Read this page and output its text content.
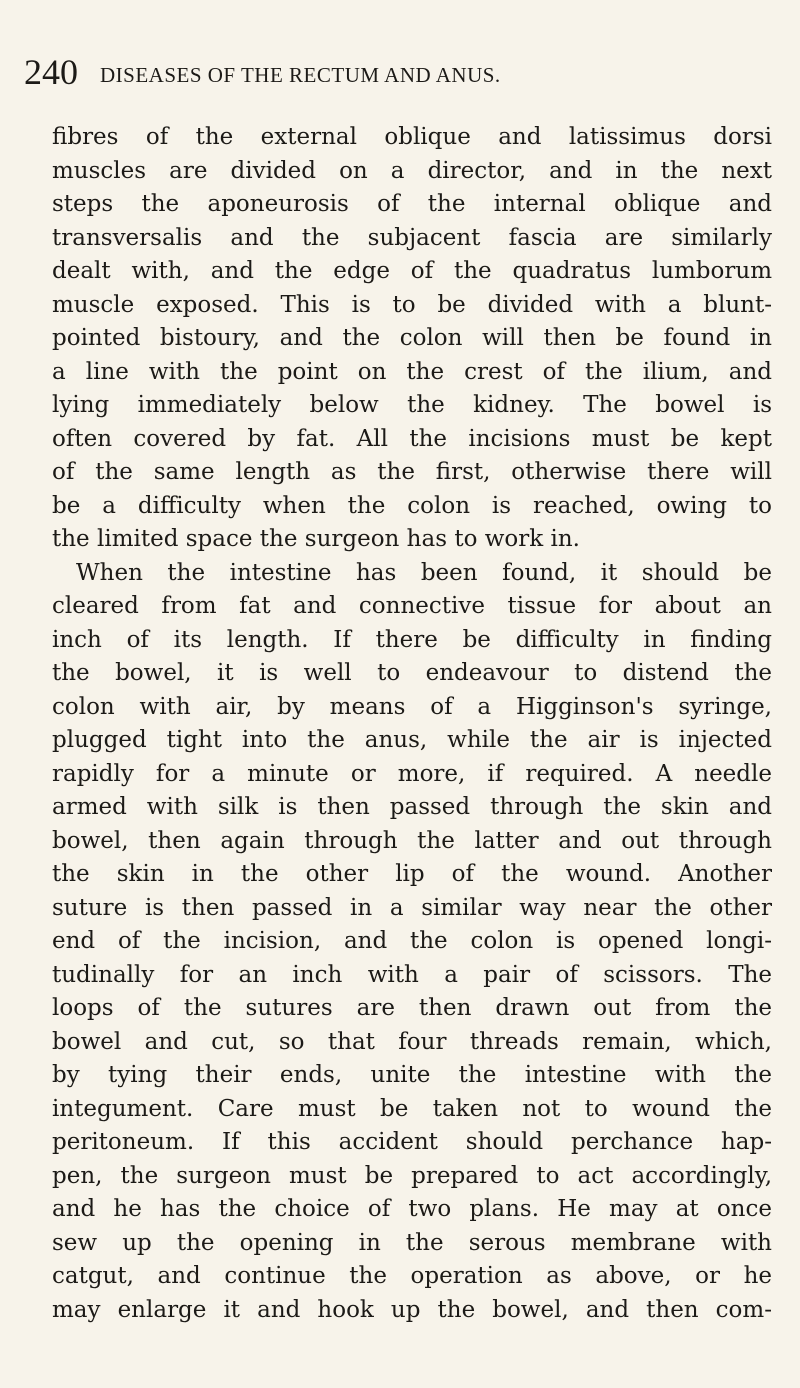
240 DISEASES OF THE RECTUM AND ANUS.
fibres of the external oblique and latissimus dorsi
muscles are divided on a director, and in the next
steps the aponeurosis of the internal oblique and
transversalis and the subjacent fascia are similarly
dealt with, and the edge of the quadratus lumborum
muscle exposed. This is to be divided with a blunt-
pointed bistoury, and the colon will then be found in
a line with the point on the crest of the ilium, and
lying immediately below the kidney. The bowel is
often covered by fat. All the incisions must be kept
of the same length as the first, otherwise there will
be a difficulty when the colon is reached, owing to
the limited space the surgeon has to work in.
When the intestine has been found, it should be
cleared from fat and connective tissue for about an
inch of its length. If there be difficulty in finding
the bowel, it is well to endeavour to distend the
colon with air, by means of a Higginson's syringe,
plugged tight into the anus, while the air is injected
rapidly for a minute or more, if required. A needle
armed with silk is then passed through the skin and
bowel, then again through the latter and out through
the skin in the other lip of the wound. Another
suture is then passed in a similar way near the other
end of the incision, and the colon is opened longi-
tudinally for an inch with a pair of scissors. The
loops of the sutures are then drawn out from the
bowel and cut, so that four threads remain, which,
by tying their ends, unite the intestine with the
integument. Care must be taken not to wound the
peritoneum. If this accident should perchance hap-
pen, the surgeon must be prepared to act accordingly,
and he has the choice of two plans. He may at once
sew up the opening in the serous membrane with
catgut, and continue the operation as above, or he
may enlarge it and hook up the bowel, and then com-
